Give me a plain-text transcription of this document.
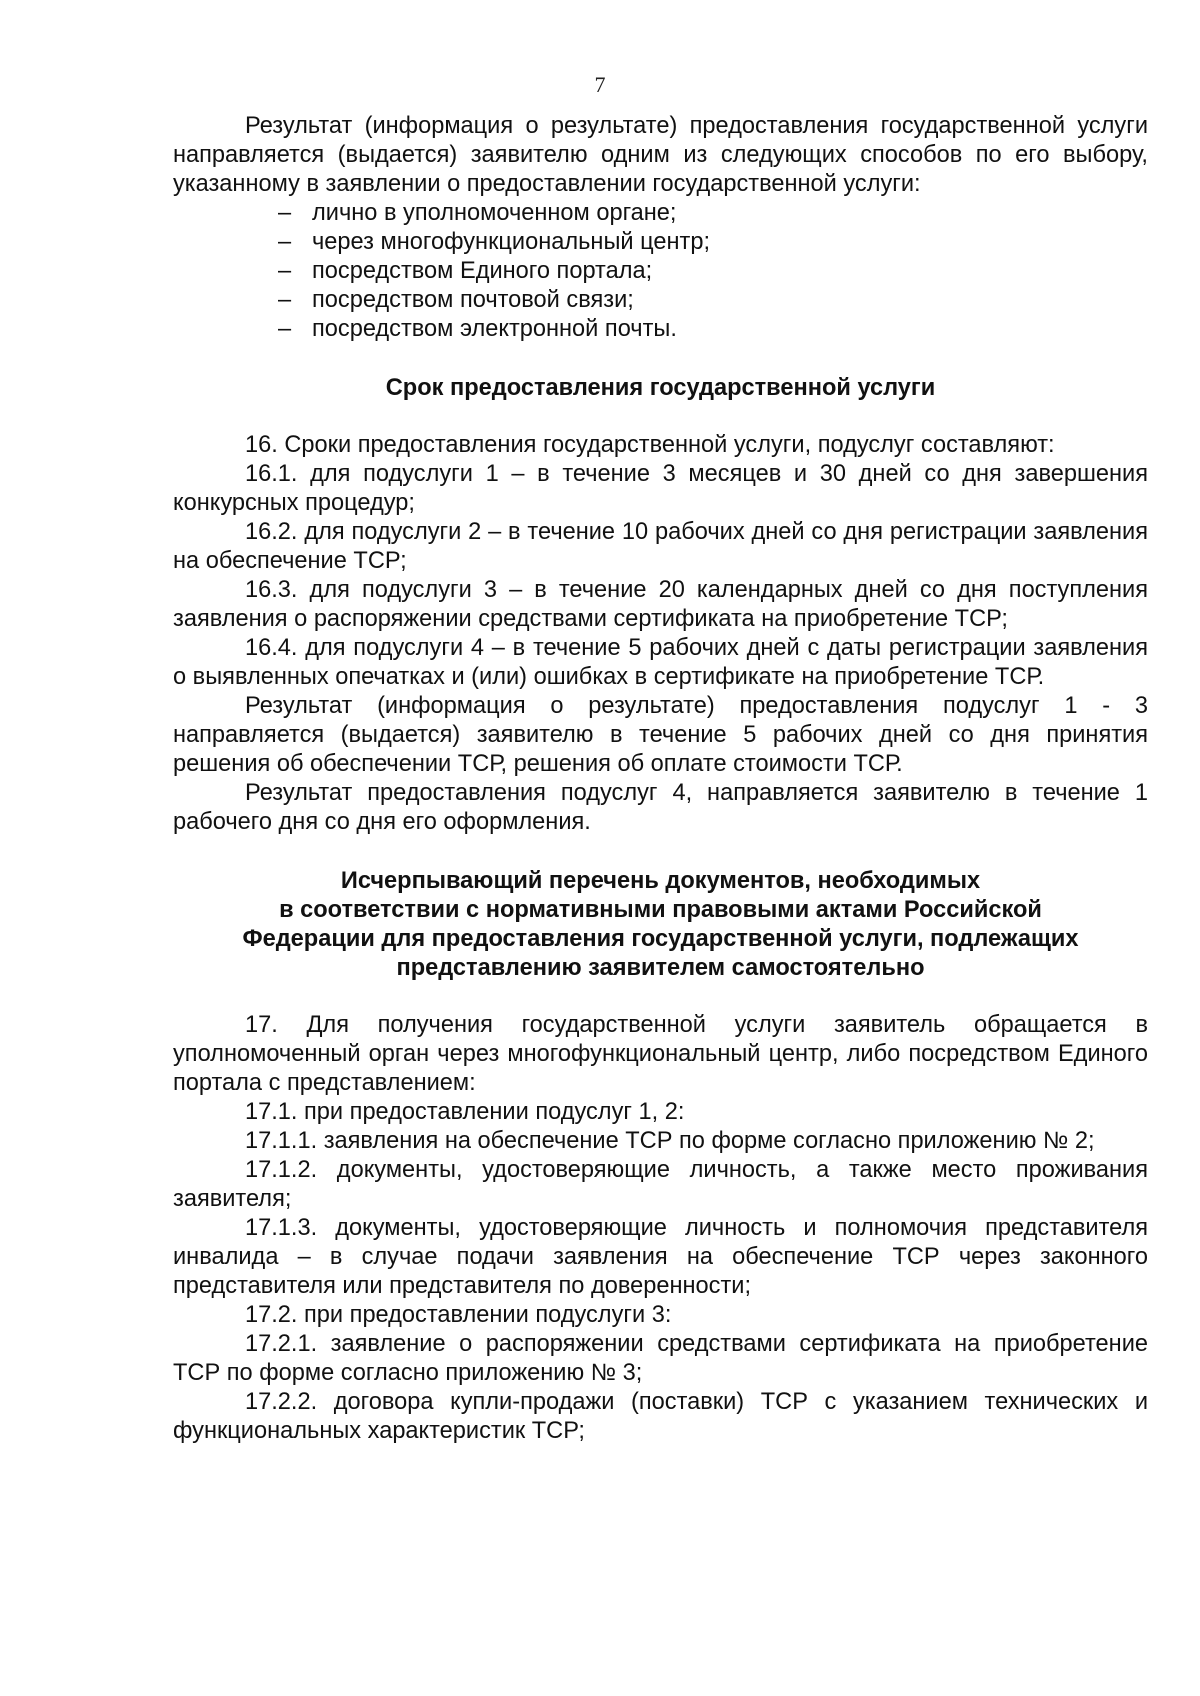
7

Результат (информация о результате) предоставления государственной услуги направляется (выдается) заявителю одним из следующих способов по его выбору, указанному в заявлении о предоставлении государственной услуги:

– лично в уполномоченном органе;
– через многофункциональный центр;
– посредством Единого портала;
– посредством почтовой связи;
– посредством электронной почты.

Срок предоставления государственной услуги

16. Сроки предоставления государственной услуги, подуслуг составляют:

16.1. для подуслуги 1 – в течение 3 месяцев и 30 дней со дня завершения конкурсных процедур;

16.2. для подуслуги 2 – в течение 10 рабочих дней со дня регистрации заявления на обеспечение ТСР;

16.3. для подуслуги 3 – в течение 20 календарных дней со дня поступления заявления о распоряжении средствами сертификата на приобретение ТСР;

16.4. для подуслуги 4 – в течение 5 рабочих дней с даты регистрации заявления о выявленных опечатках и (или) ошибках в сертификате на приобретение ТСР.

Результат (информация о результате) предоставления подуслуг 1 - 3 направляется (выдается) заявителю в течение 5 рабочих дней со дня принятия решения об обеспечении ТСР, решения об оплате стоимости ТСР.

Результат предоставления подуслуг 4, направляется заявителю в течение 1 рабочего дня со дня его оформления.

Исчерпывающий перечень документов, необходимых
в соответствии с нормативными правовыми актами Российской
Федерации для предоставления государственной услуги, подлежащих
представлению заявителем самостоятельно

17. Для получения государственной услуги заявитель обращается в уполномоченный орган через многофункциональный центр, либо посредством Единого портала с представлением:

17.1. при предоставлении подуслуг 1, 2:

17.1.1. заявления на обеспечение ТСР по форме согласно приложению № 2;

17.1.2. документы, удостоверяющие личность, а также место проживания заявителя;

17.1.3. документы, удостоверяющие личность и полномочия представителя инвалида – в случае подачи заявления на обеспечение ТСР через законного представителя или представителя по доверенности;

17.2. при предоставлении подуслуги 3:

17.2.1. заявление о распоряжении средствами сертификата на приобретение ТСР по форме согласно приложению № 3;

17.2.2. договора купли-продажи (поставки) ТСР с указанием технических и функциональных характеристик ТСР;
